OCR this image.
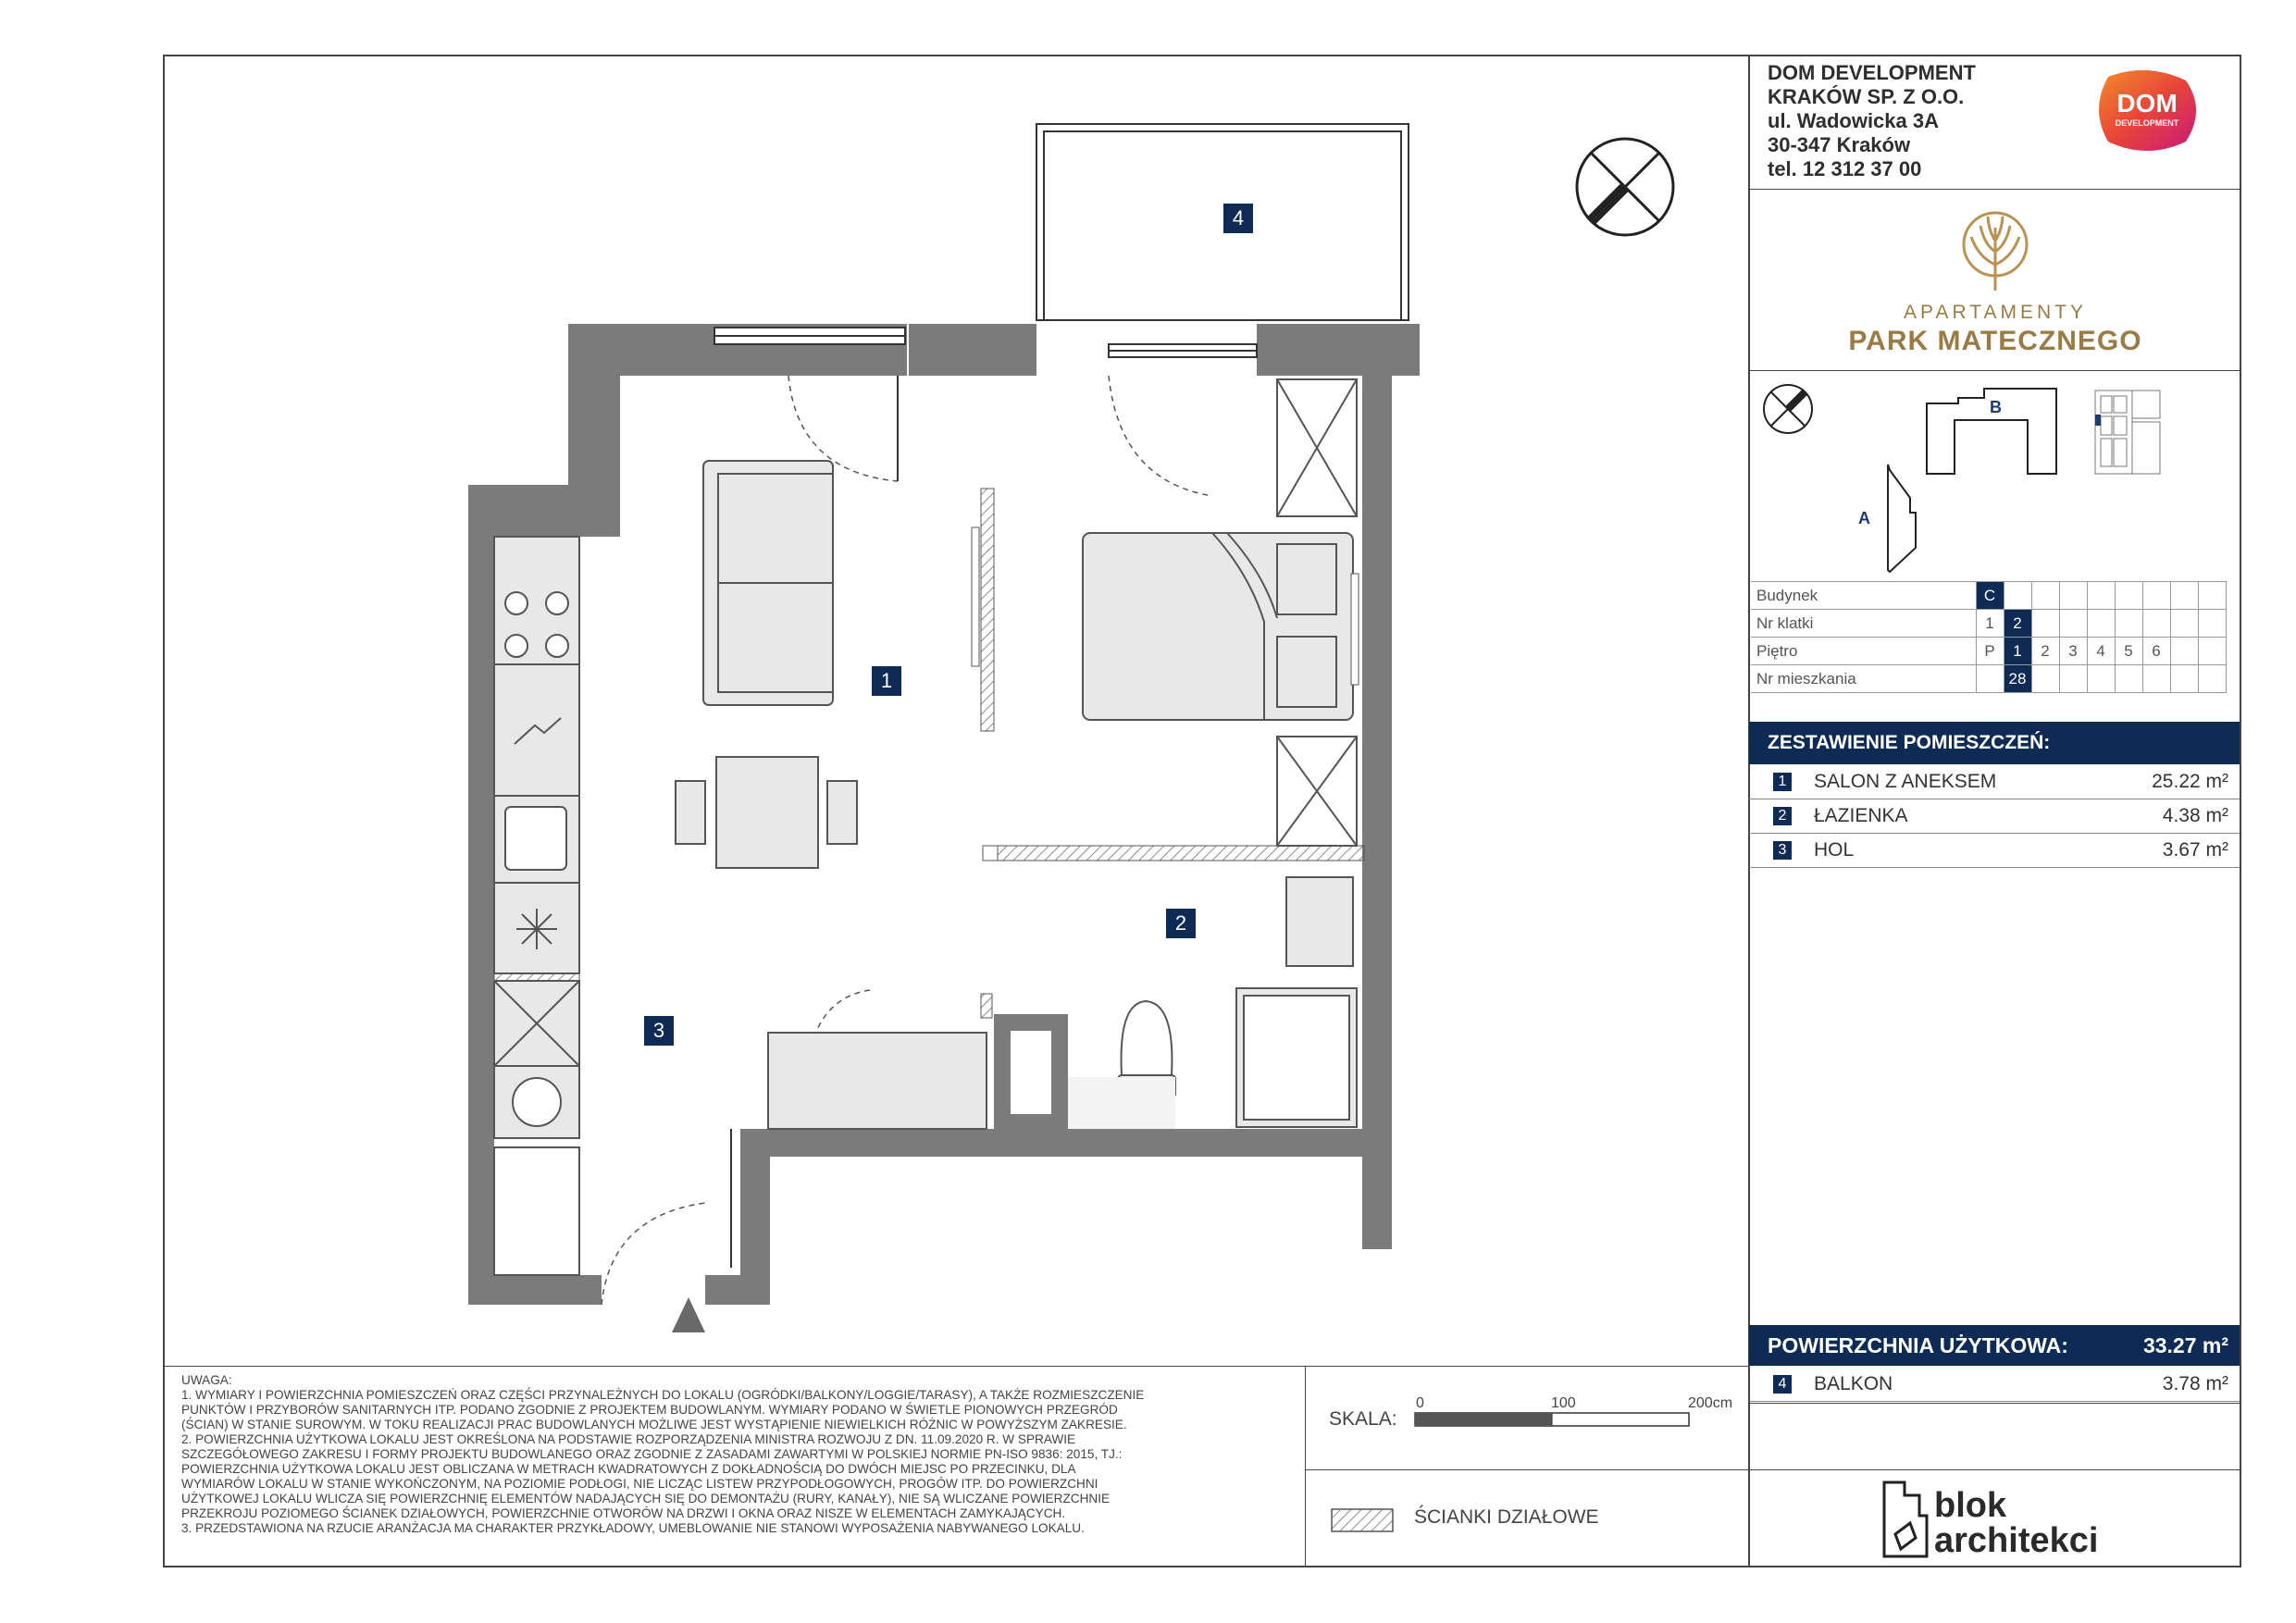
DOM DEVELOPMENT
KRAKÓW SP. Z O.O.
ul. Wadowicka 3A
30-347 Kraków
tel. 12 312 37 00
DOM
DEVELOPMENT
APARTAMENTY
PARK MATECZNEGO
B
A
Budynek	C								
Nr klatki	1	2							
Piętro	P	1	2	3	4	5	6		
Nr mieszkania		28							
ZESTAWIENIE POMIESZCZEŃ:
1 SALON Z ANEKSEM	25.22 m²
2 ŁAZIENKA	4.38 m²
3 HOL	3.67 m²
POWIERZCHNIA UŻYTKOWA:	33.27 m²
4 BALKON	3.78 m²

UWAGA:

1. WYMIARY I POWIERZCHNIA POMIESZCZEŃ ORAZ CZĘŚCI PRZYNALEŻNYCH DO LOKALU (OGRÓDKI/BALKONY/LOGGIE/TARASY), A TAKŻE ROZMIESZCZENIE

PUNKTÓW I PRZYBORÓW SANITARNYCH ITP. PODANO ZGODNIE Z PROJEKTEM BUDOWLANYM. WYMIARY PODANO W ŚWIETLE PIONOWYCH PRZEGRÓD

(ŚCIAN) W STANIE SUROWYM. W TOKU REALIZACJI PRAC BUDOWLANYCH MOŻLIWE JEST WYSTĄPIENIE NIEWIELKICH RÓŻNIC W POWYŻSZYM ZAKRESIE.

2. POWIERZCHNIA UŻYTKOWA LOKALU JEST OKREŚLONA NA PODSTAWIE ROZPORZĄDZENIA MINISTRA ROZWOJU Z DN. 11.09.2020 R. W SPRAWIE

SZCZEGÓŁOWEGO ZAKRESU I FORMY PROJEKTU BUDOWLANEGO ORAZ ZGODNIE Z ZASADAMI ZAWARTYMI W POLSKIEJ NORMIE PN-ISO 9836: 2015, TJ.:

POWIERZCHNIA UŻYTKOWA LOKALU JEST OBLICZANA W METRACH KWADRATOWYCH Z DOKŁADNOŚCIĄ DO DWÓCH MIEJSC PO PRZECINKU, DLA

WYMIARÓW LOKALU W STANIE WYKOŃCZONYM, NA POZIOMIE PODŁOGI, NIE LICZĄC LISTEW PRZYPODŁOGOWYCH, PROGÓW ITP. DO POWIERZCHNI

UŻYTKOWEJ LOKALU WLICZA SIĘ POWIERZCHNIĘ ELEMENTÓW NADAJĄCYCH SIĘ DO DEMONTAŻU (RURY, KANAŁY), NIE SĄ WLICZANE POWIERZCHNIE

PRZEKROJU POZIOMEGO ŚCIANEK DZIAŁOWYCH, POWIERZCHNIE OTWORÓW NA DRZWI I OKNA ORAZ NISZE W ELEMENTACH ZAMYKAJĄCYCH.

3. PRZEDSTAWIONA NA RZUCIE ARANŻACJA MA CHARAKTER PRZYKŁADOWY, UMEBLOWANIE NIE STANOWI WYPOSAŻENIA NABYWANEGO LOKALU.

SKALA:
0	100	200cm
ŚCIANKI DZIAŁOWE	blok
architekci
1
2
3
4
